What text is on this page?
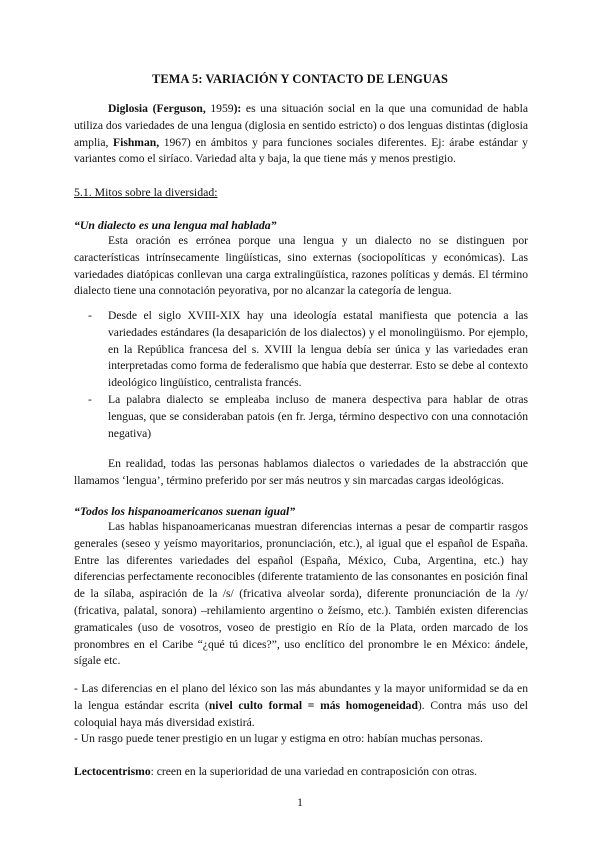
TEMA 5: VARIACIÓN Y CONTACTO DE LENGUAS

Diglosia (Ferguson, 1959): es una situación social en la que una comunidad de habla utiliza dos variedades de una lengua (diglosia en sentido estricto) o dos lenguas distintas (diglosia amplia, Fishman, 1967) en ámbitos y para funciones sociales diferentes. Ej: árabe estándar y variantes como el siríaco. Variedad alta y baja, la que tiene más y menos prestigio.

5.1. Mitos sobre la diversidad:
“Un dialecto es una lengua mal hablada”

Esta oración es errónea porque una lengua y un dialecto no se distinguen por características intrínsecamente lingüísticas, sino externas (sociopolíticas y económicas). Las variedades diatópicas conllevan una carga extralingüística, razones políticas y demás. El término dialecto tiene una connotación peyorativa, por no alcanzar la categoría de lengua.

- Desde el siglo XVIII-XIX hay una ideología estatal manifiesta que potencia a las variedades estándares (la desaparición de los dialectos) y el monolingüismo. Por ejemplo, en la República francesa del s. XVIII la lengua debía ser única y las variedades eran interpretadas como forma de federalismo que había que desterrar. Esto se debe al contexto ideológico lingüístico, centralista francés.
- La palabra dialecto se empleaba incluso de manera despectiva para hablar de otras lenguas, que se consideraban patois (en fr. Jerga, término despectivo con una connotación negativa)

En realidad, todas las personas hablamos dialectos o variedades de la abstracción que llamamos ‘lengua’, término preferido por ser más neutros y sin marcadas cargas ideológicas.

“Todos los hispanoamericanos suenan igual”

Las hablas hispanoamericanas muestran diferencias internas a pesar de compartir rasgos generales (seseo y yeísmo mayoritarios, pronunciación, etc.), al igual que el español de España. Entre las diferentes variedades del español (España, México, Cuba, Argentina, etc.) hay diferencias perfectamente reconocibles (diferente tratamiento de las consonantes en posición final de la sílaba, aspiración de la /s/ (fricativa alveolar sorda), diferente pronunciación de la /y/ (fricativa, palatal, sonora) –rehilamiento argentino o žeísmo, etc.). También existen diferencias gramaticales (uso de vosotros, voseo de prestigio en Río de la Plata, orden marcado de los pronombres en el Caribe “¿qué tú dices?”, uso enclítico del pronombre le en México: ándele, sígale etc.

- Las diferencias en el plano del léxico son las más abundantes y la mayor uniformidad se da en la lengua estándar escrita (nivel culto formal = más homogeneidad). Contra más uso del coloquial haya más diversidad existirá.

- Un rasgo puede tener prestigio en un lugar y estigma en otro: habían muchas personas.

Lectocentrismo: creen en la superioridad de una variedad en contraposición con otras.

1
